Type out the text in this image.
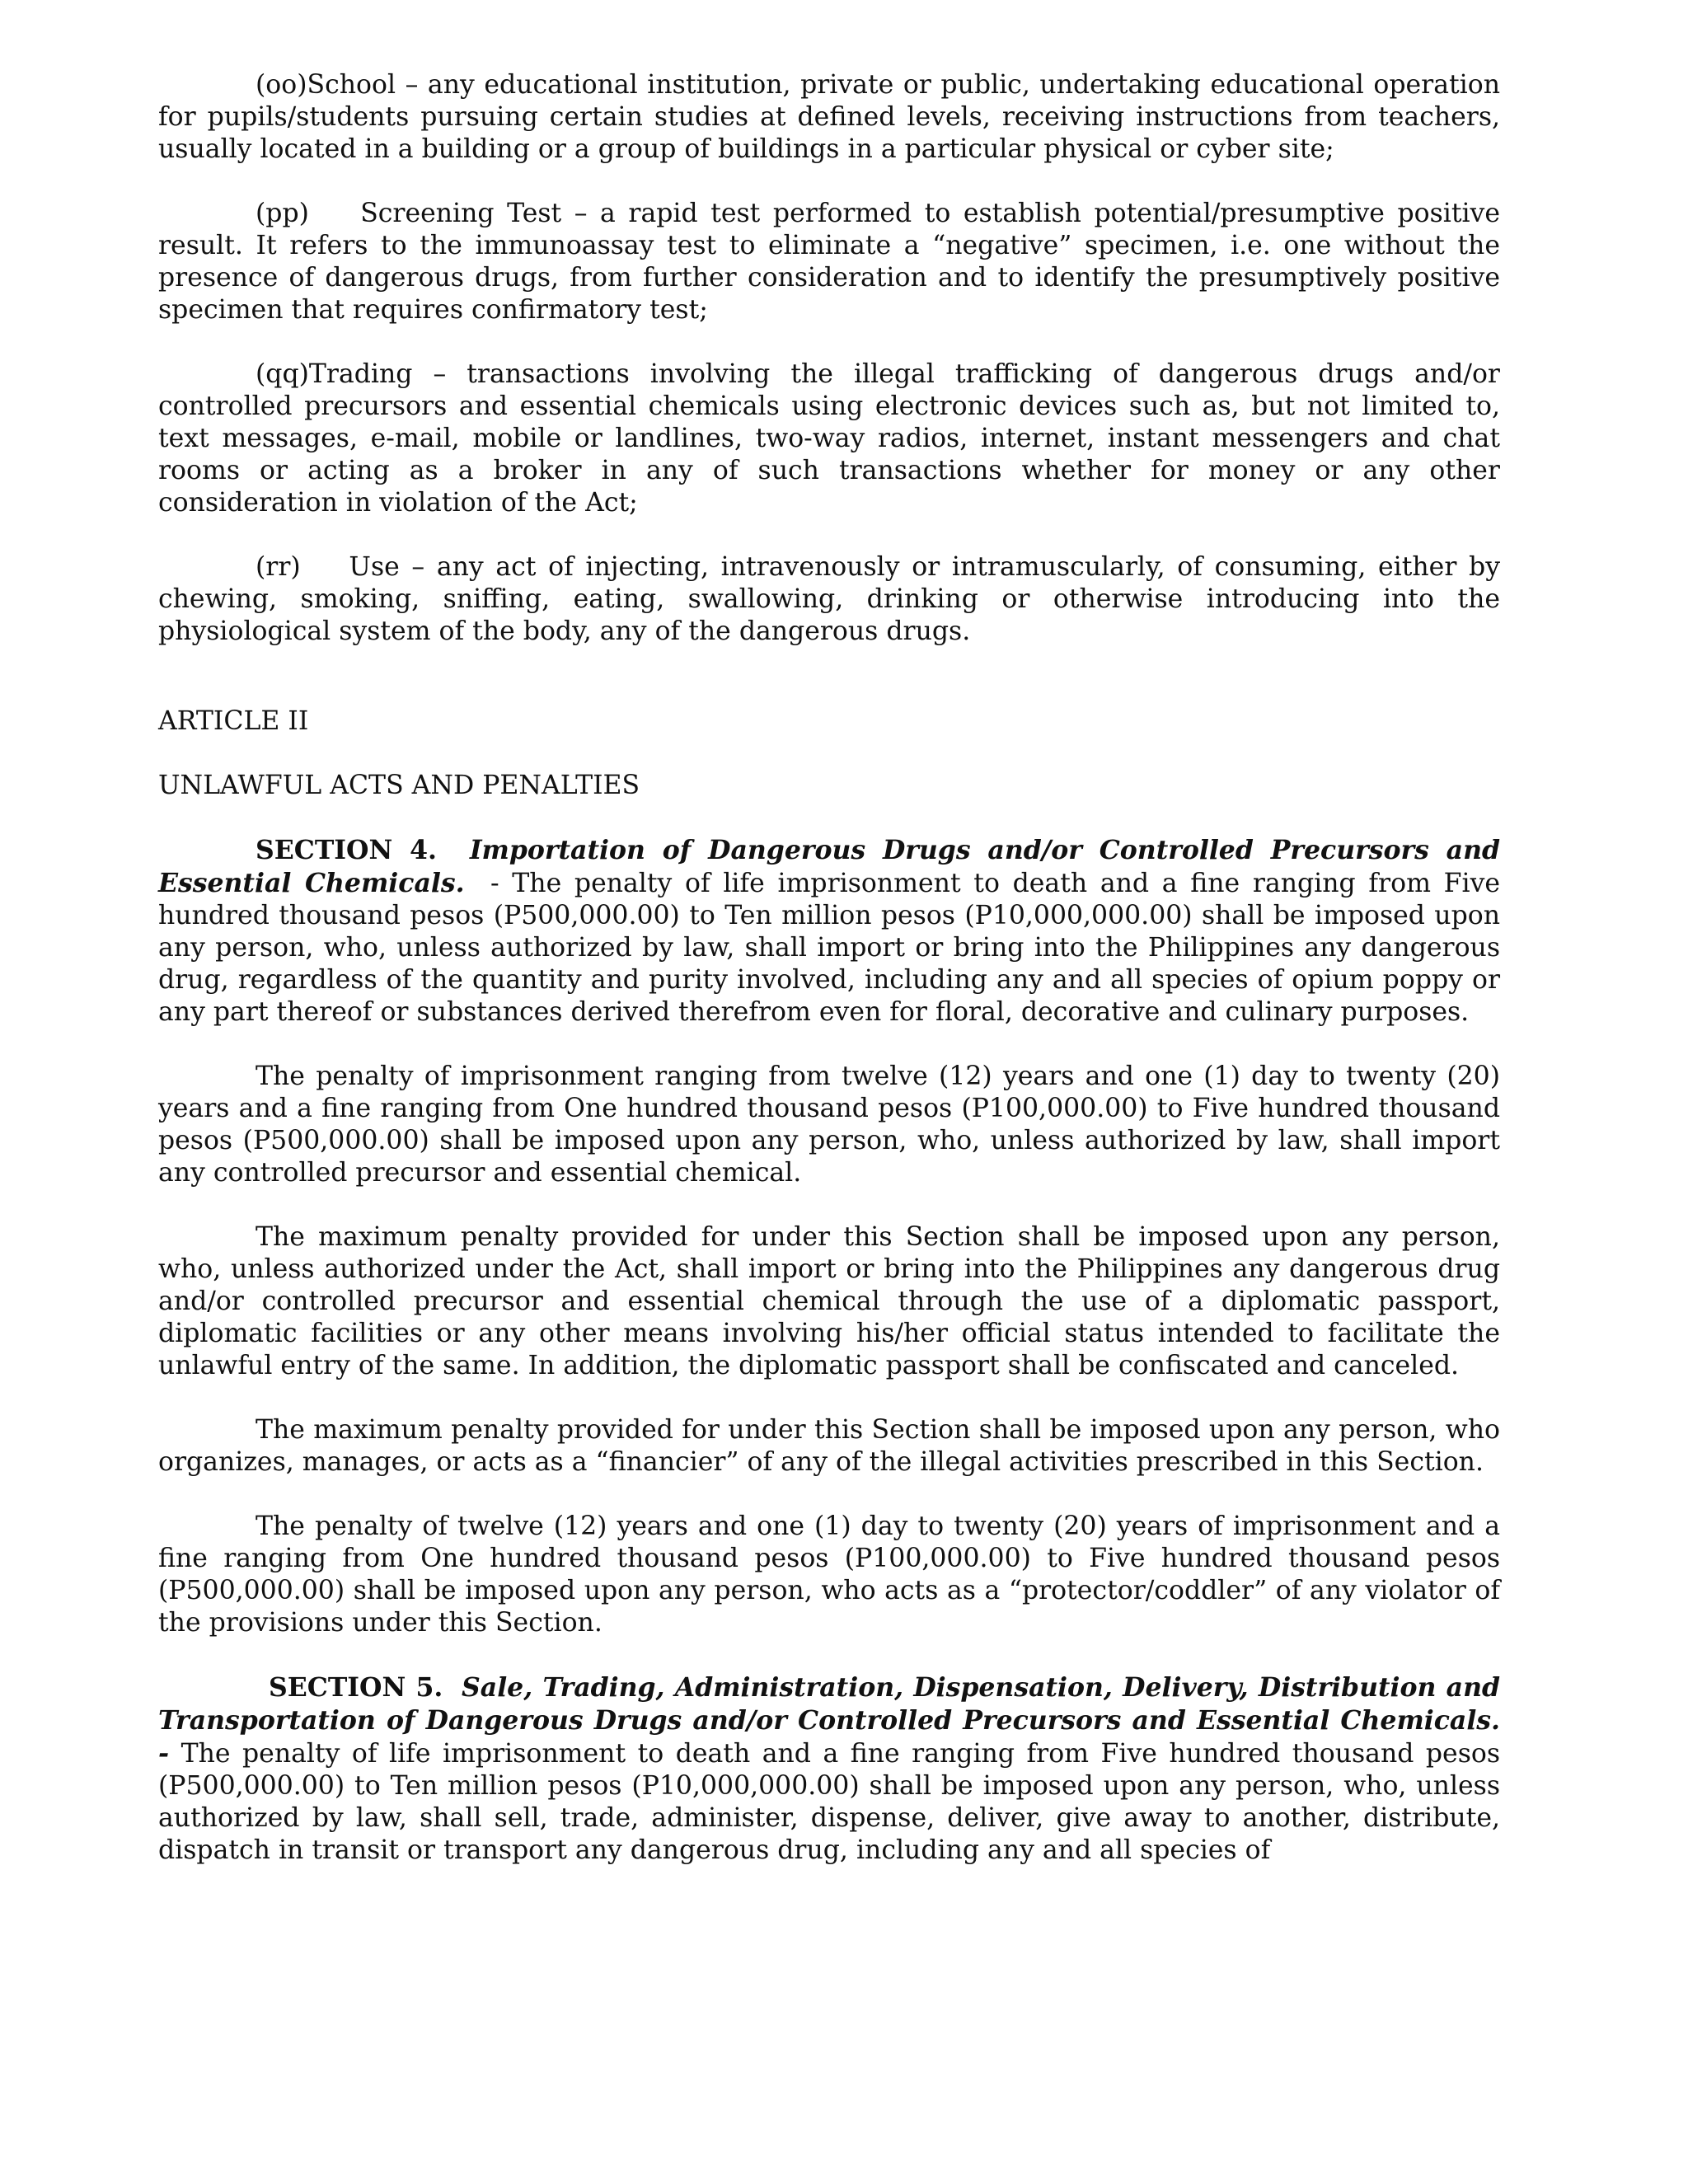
(oo)School – any educational institution, private or public, undertaking educational operation for pupils/students pursuing certain studies at defined levels, receiving instructions from teachers, usually located in a building or a group of buildings in a particular physical or cyber site;

(pp) Screening Test – a rapid test performed to establish potential/presumptive positive result. It refers to the immunoassay test to eliminate a “negative” specimen, i.e. one without the presence of dangerous drugs, from further consideration and to identify the presumptively positive specimen that requires confirmatory test;

(qq)Trading – transactions involving the illegal trafficking of dangerous drugs and/or controlled precursors and essential chemicals using electronic devices such as, but not limited to, text messages, e-mail, mobile or landlines, two-way radios, internet, instant messengers and chat rooms or acting as a broker in any of such transactions whether for money or any other consideration in violation of the Act;

(rr) Use – any act of injecting, intravenously or intramuscularly, of consuming, either by chewing, smoking, sniffing, eating, swallowing, drinking or otherwise introducing into the physiological system of the body, any of the dangerous drugs.

ARTICLE II

UNLAWFUL ACTS AND PENALTIES

SECTION 4. Importation of Dangerous Drugs and/or Controlled Precursors and Essential Chemicals. - The penalty of life imprisonment to death and a fine ranging from Five hundred thousand pesos (P500,000.00) to Ten million pesos (P10,000,000.00) shall be imposed upon any person, who, unless authorized by law, shall import or bring into the Philippines any dangerous drug, regardless of the quantity and purity involved, including any and all species of opium poppy or any part thereof or substances derived therefrom even for floral, decorative and culinary purposes.

The penalty of imprisonment ranging from twelve (12) years and one (1) day to twenty (20) years and a fine ranging from One hundred thousand pesos (P100,000.00) to Five hundred thousand pesos (P500,000.00) shall be imposed upon any person, who, unless authorized by law, shall import any controlled precursor and essential chemical.

The maximum penalty provided for under this Section shall be imposed upon any person, who, unless authorized under the Act, shall import or bring into the Philippines any dangerous drug and/or controlled precursor and essential chemical through the use of a diplomatic passport, diplomatic facilities or any other means involving his/her official status intended to facilitate the unlawful entry of the same. In addition, the diplomatic passport shall be confiscated and canceled.

The maximum penalty provided for under this Section shall be imposed upon any person, who organizes, manages, or acts as a “financier” of any of the illegal activities prescribed in this Section.

The penalty of twelve (12) years and one (1) day to twenty (20) years of imprisonment and a fine ranging from One hundred thousand pesos (P100,000.00) to Five hundred thousand pesos (P500,000.00) shall be imposed upon any person, who acts as a “protector/coddler” of any violator of the provisions under this Section.

SECTION 5. Sale, Trading, Administration, Dispensation, Delivery, Distribution and Transportation of Dangerous Drugs and/or Controlled Precursors and Essential Chemicals. - The penalty of life imprisonment to death and a fine ranging from Five hundred thousand pesos (P500,000.00) to Ten million pesos (P10,000,000.00) shall be imposed upon any person, who, unless authorized by law, shall sell, trade, administer, dispense, deliver, give away to another, distribute, dispatch in transit or transport any dangerous drug, including any and all species of
